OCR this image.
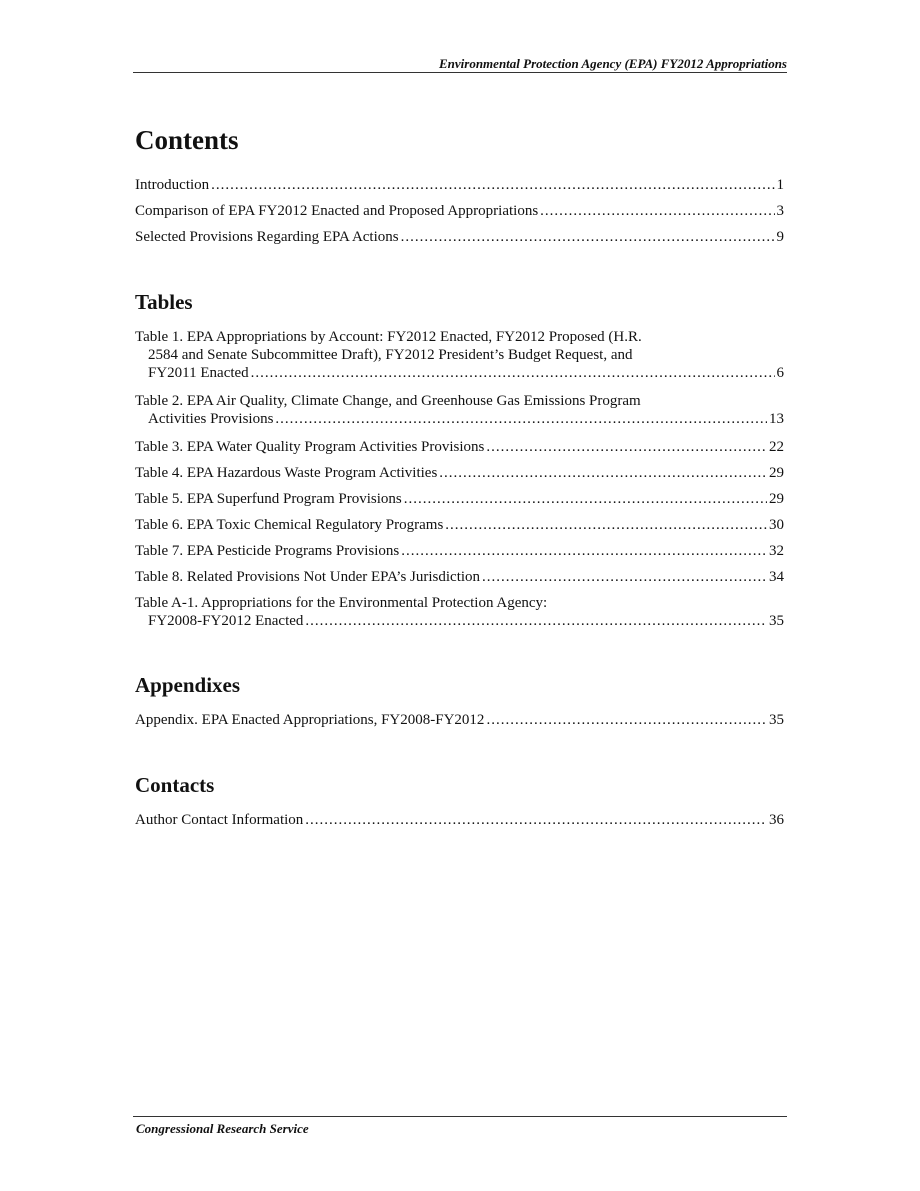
Environmental Protection Agency (EPA) FY2012 Appropriations
Contents
Introduction .....	1
Comparison of EPA FY2012 Enacted and Proposed Appropriations .....	3
Selected Provisions Regarding EPA Actions .....	9
Tables
Table 1. EPA Appropriations by Account: FY2012 Enacted, FY2012 Proposed (H.R.
2584 and Senate Subcommittee Draft), FY2012 President’s Budget Request, and
FY2011 Enacted .....	6
Table 2. EPA Air Quality, Climate Change, and Greenhouse Gas Emissions Program
Activities Provisions .....	13
Table 3. EPA Water Quality Program Activities Provisions .....	22
Table 4. EPA Hazardous Waste Program Activities .....	29
Table 5. EPA Superfund Program Provisions .....	29
Table 6. EPA Toxic Chemical Regulatory Programs .....	30
Table 7. EPA Pesticide Programs Provisions .....	32
Table 8. Related Provisions Not Under EPA’s Jurisdiction .....	34
Table A-1. Appropriations for the Environmental Protection Agency:
FY2008-FY2012 Enacted .....	35
Appendixes
Appendix. EPA Enacted Appropriations, FY2008-FY2012 .....	35
Contacts
Author Contact Information .....	36
Congressional Research Service
